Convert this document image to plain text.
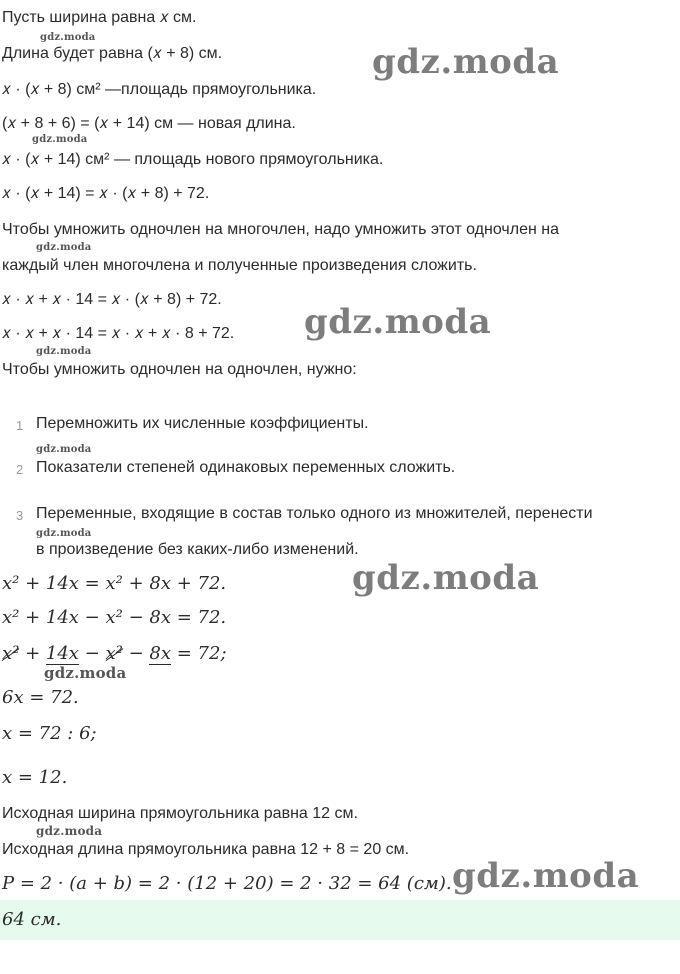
Пусть ширина равна 𝑥 см.
gdz.moda
Длина будет равна (𝑥 + 8) см.	gdz.moda
𝑥 · (𝑥 + 8) см² —площадь прямоугольника.
(𝑥 + 8 + 6) = (𝑥 + 14) см — новая длина.
gdz.moda
𝑥 · (𝑥 + 14) см² — площадь нового прямоугольника.
𝑥 · (𝑥 + 14) = 𝑥 · (𝑥 + 8) + 72.
Чтобы умножить одночлен на многочлен, надо умножить этот одночлен на
gdz.moda
каждый член многочлена и полученные произведения сложить.
𝑥 · 𝑥 + 𝑥 · 14 = 𝑥 · (𝑥 + 8) + 72.
𝑥 · 𝑥 + 𝑥 · 14 = 𝑥 · 𝑥 + 𝑥 · 8 + 72. gdz.moda
gdz.moda
Чтобы умножить одночлен на одночлен, нужно:
1 Перемножить их численные коэффициенты.
gdz.moda
2 Показатели степеней одинаковых переменных сложить.
3 Переменные, входящие в состав только одного из множителей, перенести
gdz.moda
в произведение без каких-либо изменений.
𝑥² + 14𝑥 = 𝑥² + 8𝑥 + 72.	gdz.moda
𝑥² + 14𝑥 − 𝑥² − 8𝑥 = 72.
𝑥² + 14𝑥 − 𝑥² − 8𝑥 = 72;
gdz.moda
6𝑥 = 72.
𝑥 = 72 : 6;
𝑥 = 12.
Исходная ширина прямоугольника равна 12 см.
gdz.moda
Исходная длина прямоугольника равна 12 + 8 = 20 см.
𝑃 = 2 · (𝑎 + 𝑏) = 2 · (12 + 20) = 2 · 32 = 64 (см). gdz.moda
64 см.
